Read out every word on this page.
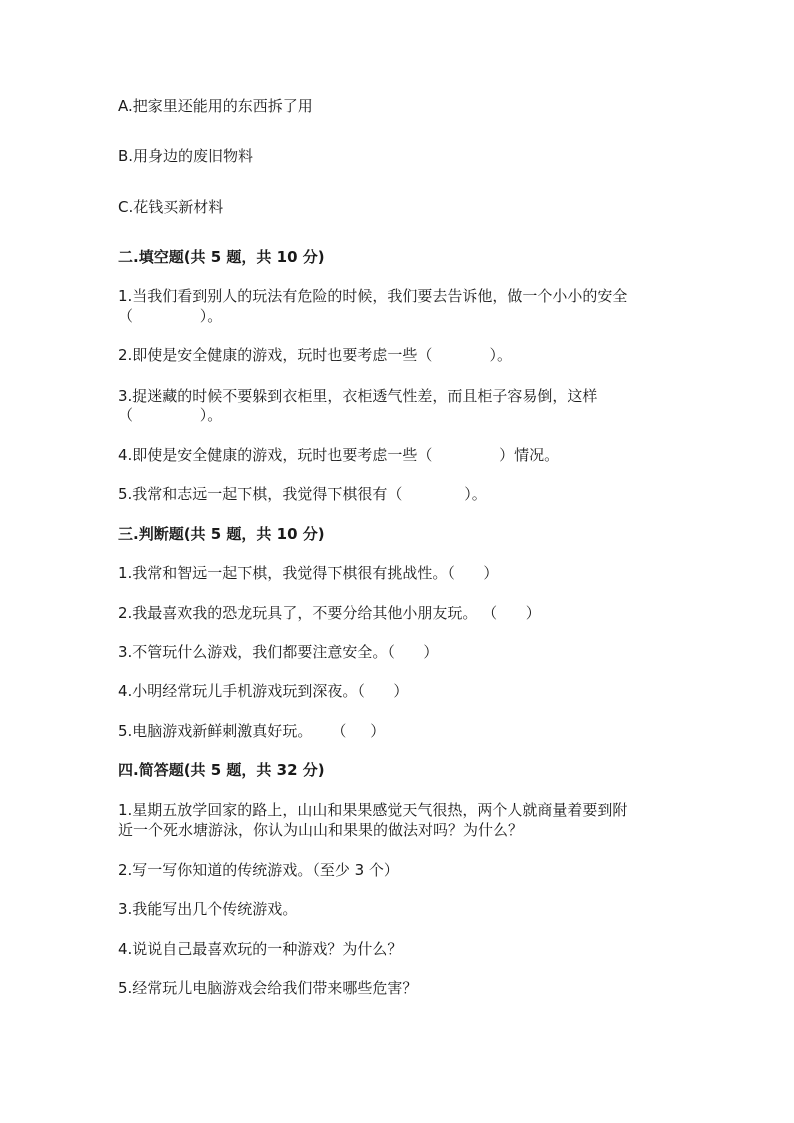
A.把家里还能用的东西拆了用
B.用身边的废旧物料
C.花钱买新材料
二.填空题(共 5 题，共 10 分)
1.当我们看到别人的玩法有危险的时候，我们要去告诉他，做一个小小的安全
（              ）。
2.即使是安全健康的游戏，玩时也要考虑一些（            ）。
3.捉迷藏的时候不要躲到衣柜里，衣柜透气性差，而且柜子容易倒，这样
（              ）。
4.即使是安全健康的游戏，玩时也要考虑一些（              ）情况。
5.我常和志远一起下棋，我觉得下棋很有（             ）。
三.判断题(共 5 题，共 10 分)
1.我常和智远一起下棋，我觉得下棋很有挑战性。（      ）
2.我最喜欢我的恐龙玩具了，不要分给其他小朋友玩。 （      ）
3.不管玩什么游戏，我们都要注意安全。（      ）
4.小明经常玩儿手机游戏玩到深夜。（      ）
5.电脑游戏新鲜刺激真好玩。    （     ）
四.简答题(共 5 题，共 32 分)
1.星期五放学回家的路上，山山和果果感觉天气很热，两个人就商量着要到附
近一个死水塘游泳，你认为山山和果果的做法对吗？为什么？
2.写一写你知道的传统游戏。（至少 3 个）
3.我能写出几个传统游戏。
4.说说自己最喜欢玩的一种游戏？为什么？
5.经常玩儿电脑游戏会给我们带来哪些危害？
